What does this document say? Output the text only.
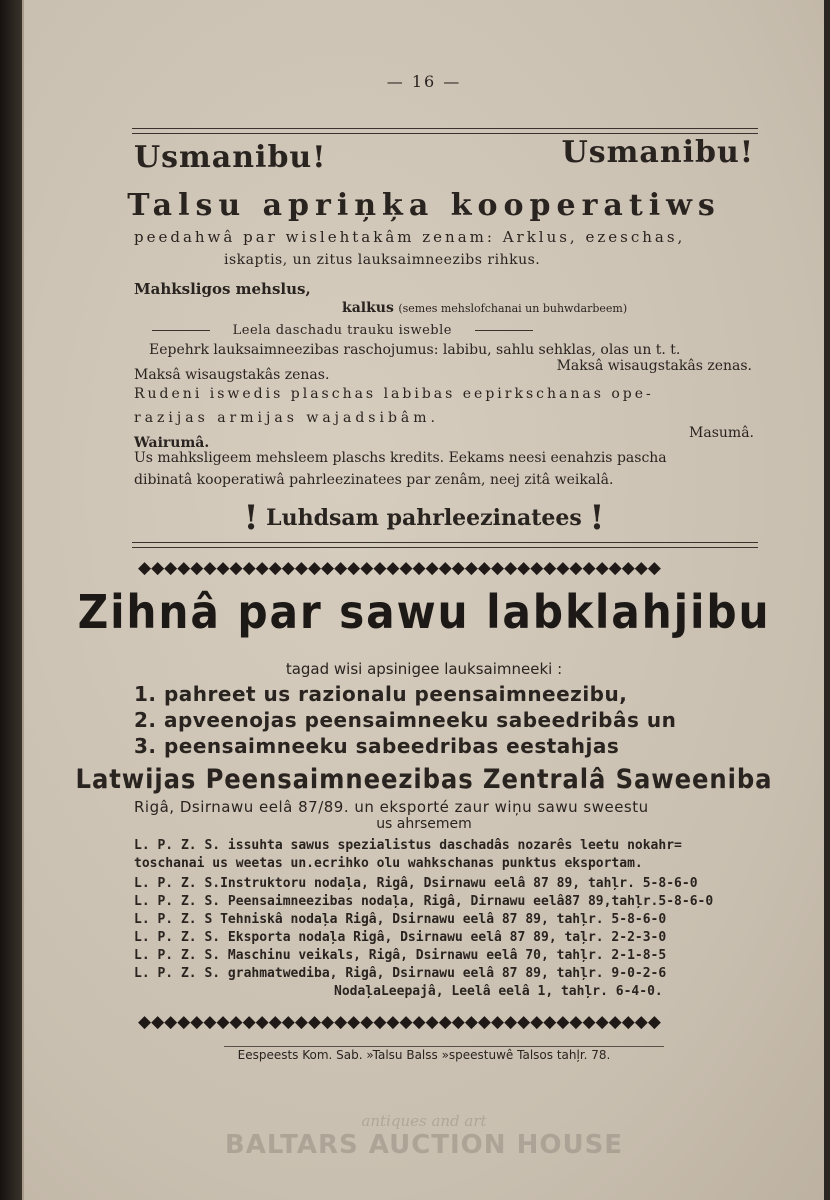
— 16 —
Usmanibu!	Usmanibu!
Talsu apriņķa kooperatiws
peedahwâ par wislehtakâm zenam: Arklus, ezeschas,
iskaptis, un zitus lauksaimneezibs rihkus.
Mahksligos mehslus,
kalkus (semes mehslofchanai un buhwdarbeem)
Leela daschadu trauku isweble
Eepehrk lauksaimneezibas raschojumus: labibu, sahlu sehklas, olas un t. t.
Maksâ wisaugstakâs zenas.
Maksâ wisaugstakâs zenas.
Rudeni iswedis plaschas labibas eepirkschanas ope-
razijas armijas wajadsibâm.
Wairumâ.
Masumâ.
Us mahksligeem mehsleem plaschs kredits. Eekams neesi eenahzis pascha
dibinatâ kooperatiwâ pahrleezinatees par zenâm, neej zitâ weikalâ.
! Luhdsam pahrleezinatees !
◆◆◆◆◆◆◆◆◆◆◆◆◆◆◆◆◆◆◆◆◆◆◆◆◆◆◆◆◆◆◆◆◆◆◆◆◆◆◆◆
Zihnâ par sawu labklahjibu
tagad wisi apsinigee lauksaimneeki :
1. pahreet us razionalu peensaimneezibu,
2. apveenojas peensaimneeku sabeedribâs un
3. peensaimneeku sabeedribas eestahjas
Latwijas Peensaimneezibas Zentralâ Saweeniba
Rigâ, Dsirnawu eelâ 87/89. un eksporté zaur wiņu sawu sweestu
us ahrsemem
L. P. Z. S. issuhta sawus spezialistus daschadâs nozarês leetu nokahr=
toschanai us weetas un.ecrihko olu wahkschanas punktus eksportam.
L. P. Z. S.Instruktoru nodaļa, Rigâ, Dsirnawu eelâ 87 89, tahļr. 5-8-6-0
L. P. Z. S. Peensaimneezibas nodaļa, Rigâ, Dirnawu eelâ87 89,tahļr.5-8-6-0
L. P. Z. S Tehniskâ nodaļa Rigâ, Dsirnawu eelâ 87 89, tahļr. 5-8-6-0
L. P. Z. S. Eksporta nodaļa Rigâ, Dsirnawu eelâ 87 89, taļr. 2-2-3-0
L. P. Z. S. Maschinu veikals, Rigâ, Dsirnawu eelâ 70, tahļr. 2-1-8-5
L. P. Z. S. grahmatwediba, Rigâ, Dsirnawu eelâ 87 89, tahļr. 9-0-2-6
NodaļaLeepajâ, Leelâ eelâ 1, tahļr. 6-4-0.
◆◆◆◆◆◆◆◆◆◆◆◆◆◆◆◆◆◆◆◆◆◆◆◆◆◆◆◆◆◆◆◆◆◆◆◆◆◆◆◆
Eespeests Kom. Sab. »Talsu Balss »speestuwê Talsos tahļr. 78.
antiques and art
BALTARS AUCTION HOUSE
